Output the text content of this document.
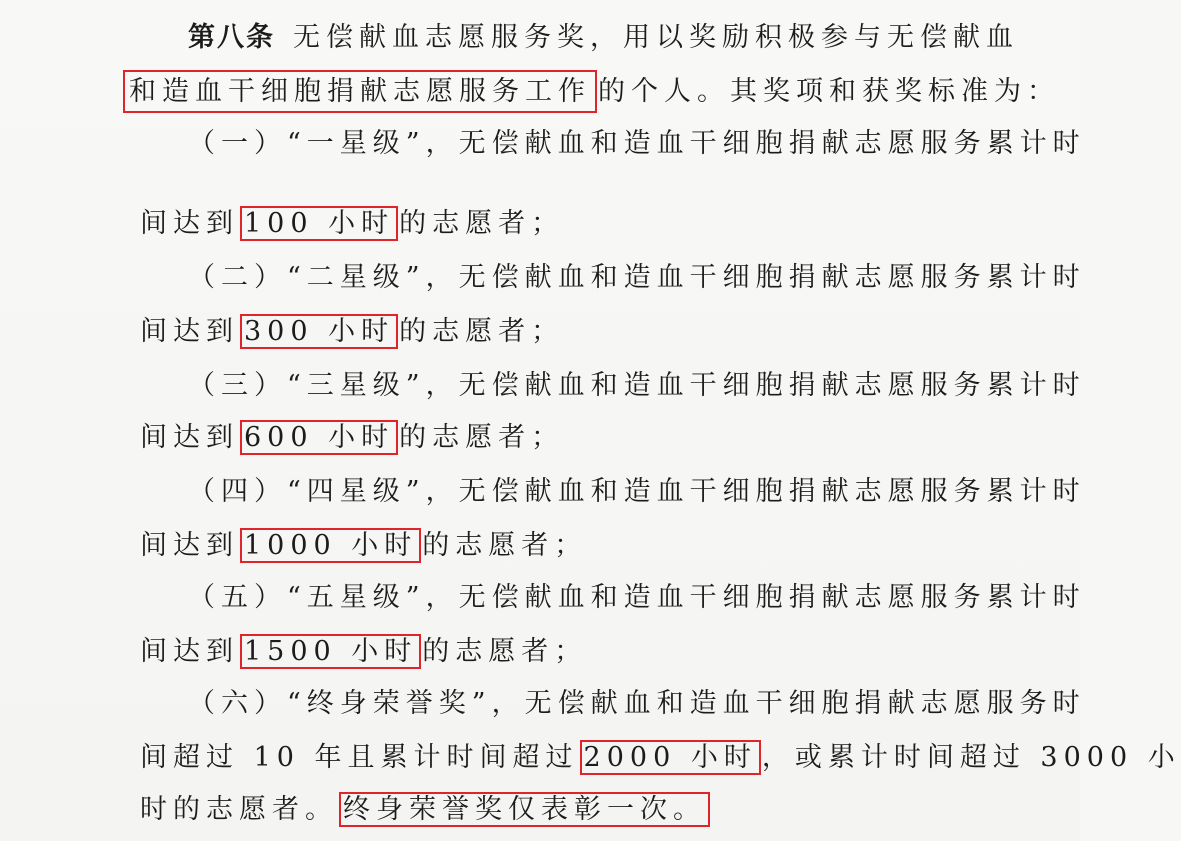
第八条 无偿献血志愿服务奖，用以奖励积极参与无偿献血
和造血干细胞捐献志愿服务工作 的个人。其奖项和获奖标准为：
（一）“一星级”，无偿献血和造血干细胞捐献志愿服务累计时
间达到 100 小时 的志愿者；
（二）“二星级”，无偿献血和造血干细胞捐献志愿服务累计时
间达到 300 小时 的志愿者；
（三）“三星级”，无偿献血和造血干细胞捐献志愿服务累计时
间达到 600 小时 的志愿者；
（四）“四星级”，无偿献血和造血干细胞捐献志愿服务累计时
间达到 1000 小时 的志愿者；
（五）“五星级”，无偿献血和造血干细胞捐献志愿服务累计时
间达到 1500 小时 的志愿者；
（六）“终身荣誉奖”，无偿献血和造血干细胞捐献志愿服务时
间超过 10 年且累计时间超过 2000 小时 ，或累计时间超过 3000 小
时的志愿者。 终身荣誉奖仅表彰一次。
